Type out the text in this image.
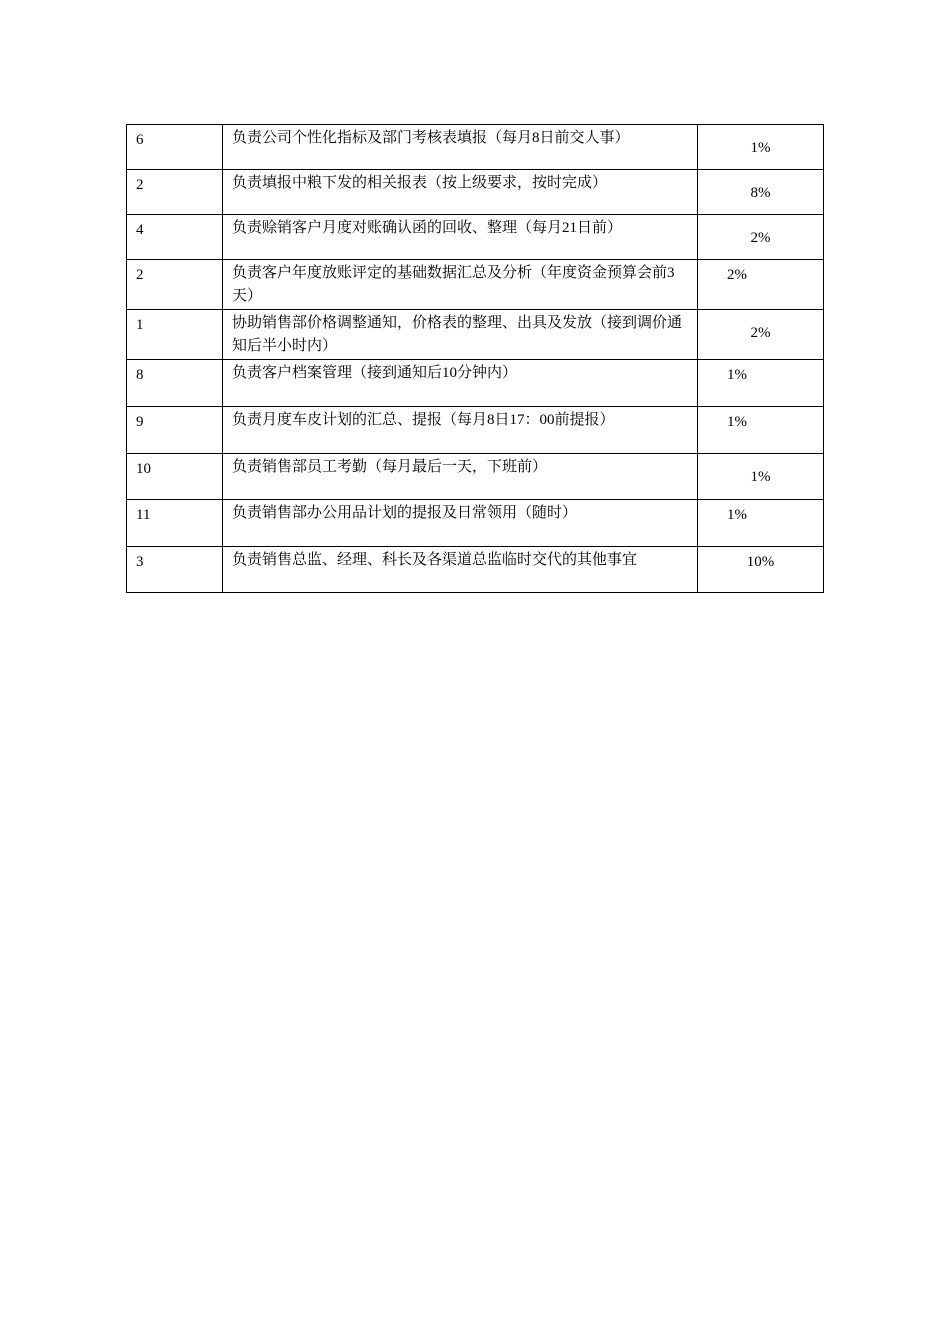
6	负责公司个性化指标及部门考核表填报（每月8日前交人事）	1%

2	负责填报中粮下发的相关报表（按上级要求，按时完成）	8%

4	负责赊销客户月度对账确认函的回收、整理（每月21日前）	2%

2	负责客户年度放账评定的基础数据汇总及分析（年度资金预算会前3天）	2%

1	协助销售部价格调整通知，价格表的整理、出具及发放（接到调价通知后半小时内）	2%

8	负责客户档案管理（接到通知后10分钟内）	1%

9	负责月度车皮计划的汇总、提报（每月8日17：00前提报）	1%

10	负责销售部员工考勤（每月最后一天，下班前）	1%

11	负责销售部办公用品计划的提报及日常领用（随时）	1%

3	负责销售总监、经理、科长及各渠道总监临时交代的其他事宜	10%
